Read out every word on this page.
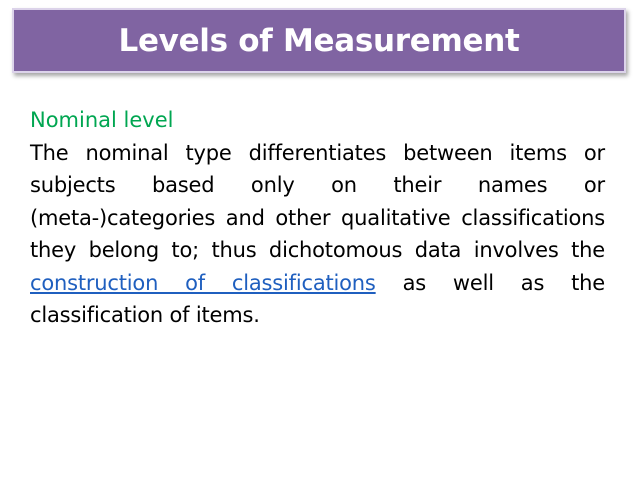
Levels of Measurement
Nominal level
The nominal type differentiates between items or subjects based only on their names or (meta-)categories and other qualitative classifications they belong to; thus dichotomous data involves the construction of classifications as well as the classification of items.
